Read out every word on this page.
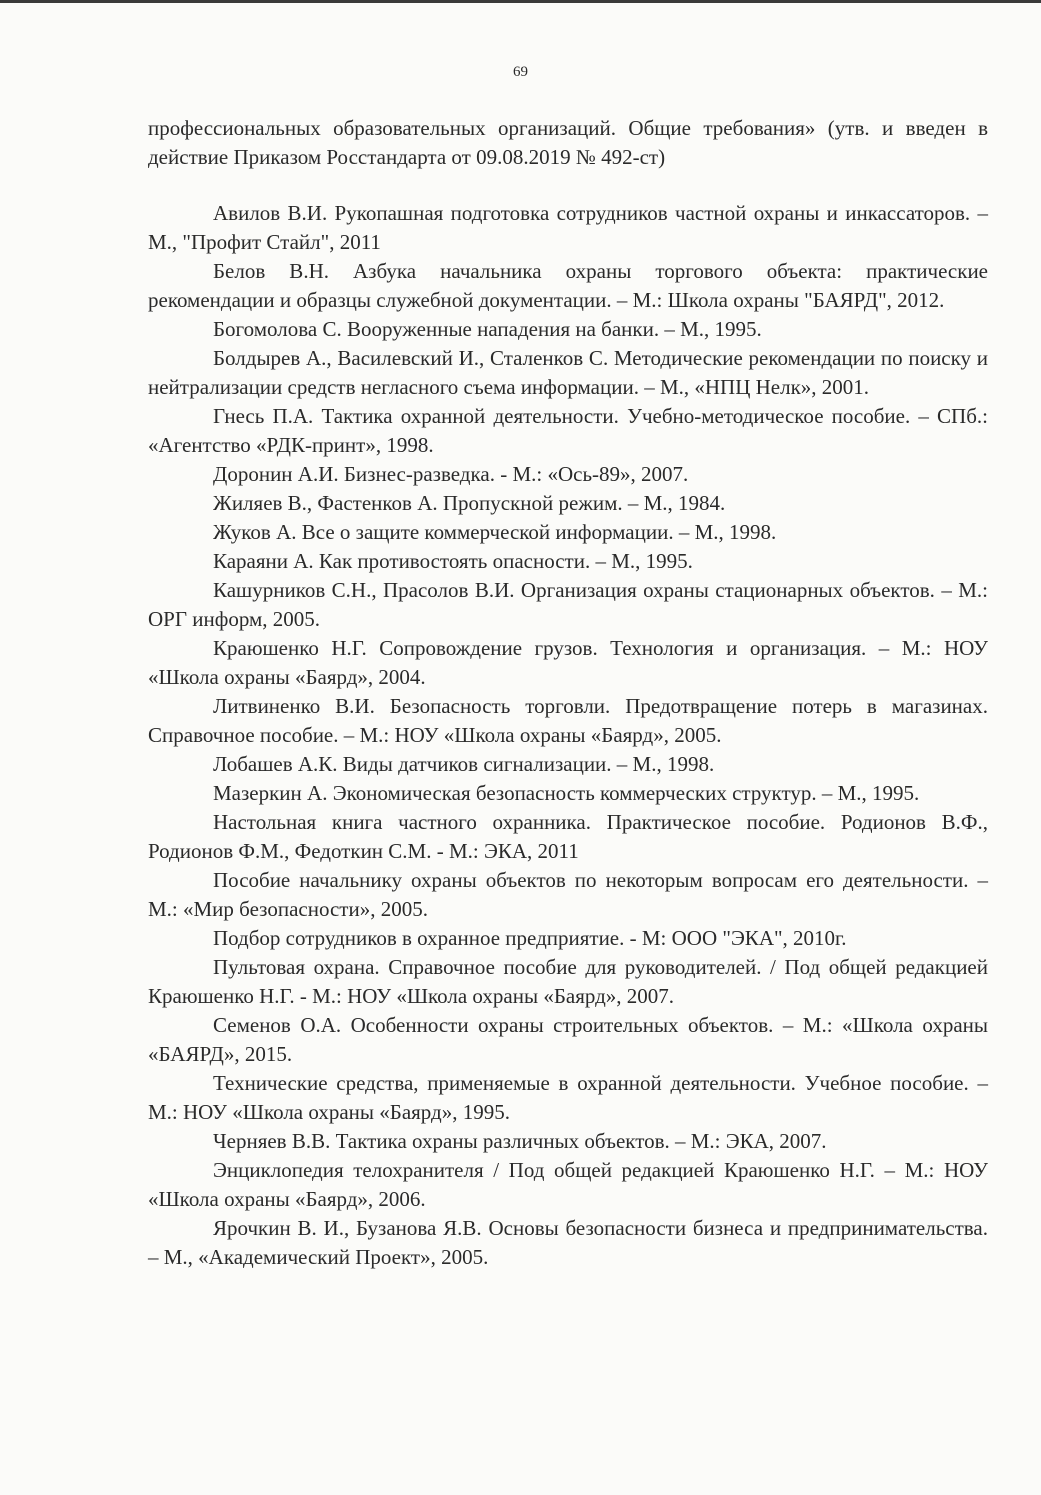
69

профессиональных образовательных организаций. Общие требования» (утв. и введен в действие Приказом Росстандарта от 09.08.2019 № 492-ст)

Авилов В.И. Рукопашная подготовка сотрудников частной охраны и инкассаторов. – М., "Профит Стайл", 2011

Белов В.Н. Азбука начальника охраны торгового объекта: практические рекомендации и образцы служебной документации. – М.: Школа охраны "БАЯРД", 2012.

Богомолова С. Вооруженные нападения на банки. – М., 1995.

Болдырев А., Василевский И., Сталенков С. Методические рекомендации по поиску и нейтрализации средств негласного съема информации. – М., «НПЦ Нелк», 2001.

Гнесь П.А. Тактика охранной деятельности. Учебно-методическое пособие. – СПб.: «Агентство «РДК-принт», 1998.

Доронин А.И. Бизнес-разведка. - М.: «Ось-89», 2007.

Жиляев В., Фастенков А. Пропускной режим. – М., 1984.

Жуков А. Все о защите коммерческой информации. – М., 1998.

Караяни А. Как противостоять опасности. – М., 1995.

Кашурников С.Н., Прасолов В.И. Организация охраны стационарных объектов. – М.: ОРГ информ, 2005.

Краюшенко Н.Г. Сопровождение грузов. Технология и организация. – М.: НОУ «Школа охраны «Баярд», 2004.

Литвиненко В.И. Безопасность торговли. Предотвращение потерь в магазинах. Справочное пособие. – М.: НОУ «Школа охраны «Баярд», 2005.

Лобашев А.К. Виды датчиков сигнализации. – М., 1998.

Мазеркин А. Экономическая безопасность коммерческих структур. – М., 1995.

Настольная книга частного охранника. Практическое пособие. Родионов В.Ф., Родионов Ф.М., Федоткин С.М. - М.: ЭКА, 2011

Пособие начальнику охраны объектов по некоторым вопросам его деятельности. – М.: «Мир безопасности», 2005.

Подбор сотрудников в охранное предприятие. - М: ООО "ЭКА", 2010г.

Пультовая охрана. Справочное пособие для руководителей. / Под общей редакцией Краюшенко Н.Г. - М.: НОУ «Школа охраны «Баярд», 2007.

Семенов О.А. Особенности охраны строительных объектов. – М.: «Школа охраны «БАЯРД», 2015.

Технические средства, применяемые в охранной деятельности. Учебное пособие. – М.: НОУ «Школа охраны «Баярд», 1995.

Черняев В.В. Тактика охраны различных объектов. – М.: ЭКА, 2007.

Энциклопедия телохранителя / Под общей редакцией Краюшенко Н.Г. – М.: НОУ «Школа охраны «Баярд», 2006.

Ярочкин В. И., Бузанова Я.В. Основы безопасности бизнеса и предпринимательства. – М., «Академический Проект», 2005.
